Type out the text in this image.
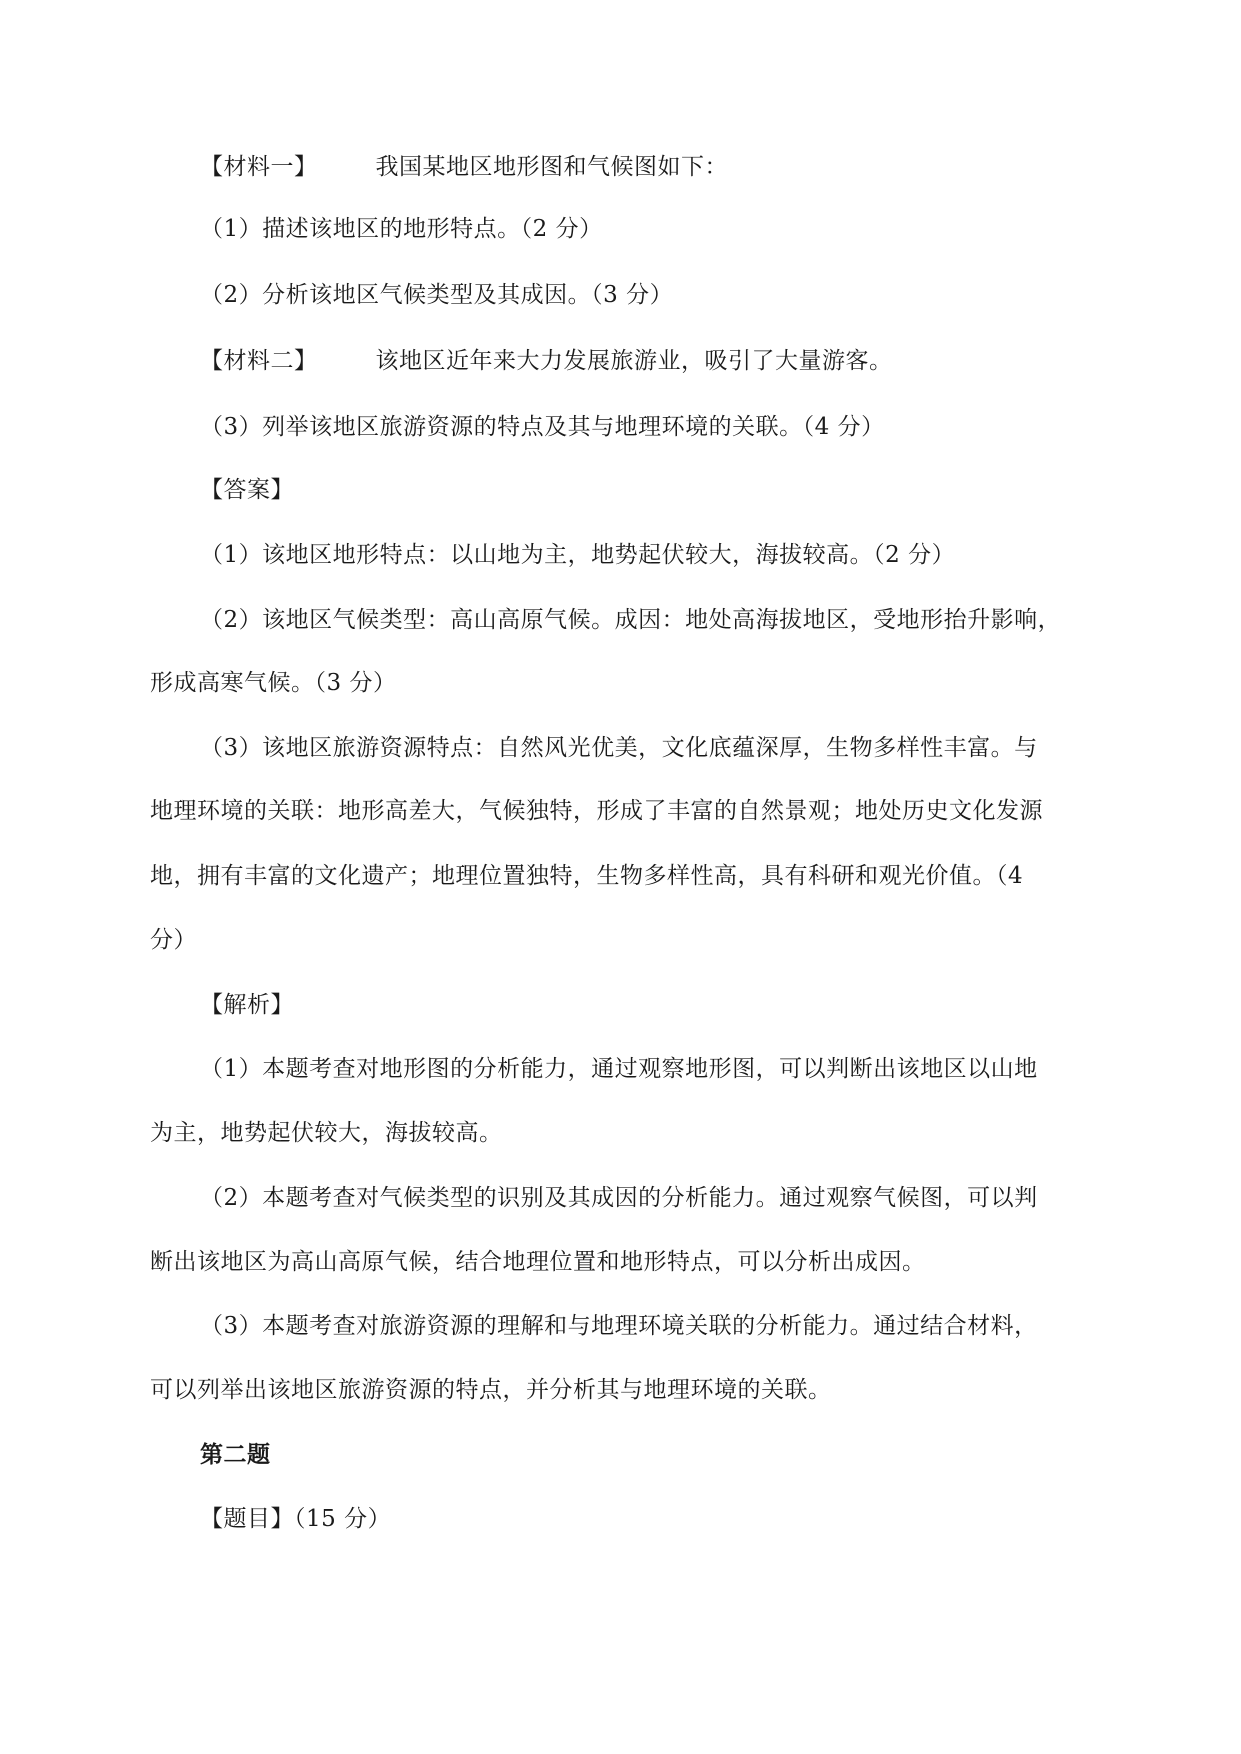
【材料一】	我国某地区地形图和气候图如下：
（1）描述该地区的地形特点。（2 分）
（2）分析该地区气候类型及其成因。（3 分）
【材料二】	该地区近年来大力发展旅游业，吸引了大量游客。
（3）列举该地区旅游资源的特点及其与地理环境的关联。（4 分）
【答案】
（1）该地区地形特点：以山地为主，地势起伏较大，海拔较高。（2 分）
（2）该地区气候类型：高山高原气候。成因：地处高海拔地区，受地形抬升影响，
形成高寒气候。（3 分）
（3）该地区旅游资源特点：自然风光优美，文化底蕴深厚，生物多样性丰富。与
地理环境的关联：地形高差大，气候独特，形成了丰富的自然景观；地处历史文化发源
地，拥有丰富的文化遗产；地理位置独特，生物多样性高，具有科研和观光价值。（4
分）
【解析】
（1）本题考查对地形图的分析能力，通过观察地形图，可以判断出该地区以山地
为主，地势起伏较大，海拔较高。
（2）本题考查对气候类型的识别及其成因的分析能力。通过观察气候图，可以判
断出该地区为高山高原气候，结合地理位置和地形特点，可以分析出成因。
（3）本题考查对旅游资源的理解和与地理环境关联的分析能力。通过结合材料，
可以列举出该地区旅游资源的特点，并分析其与地理环境的关联。
第二题
【题目】（15 分）
